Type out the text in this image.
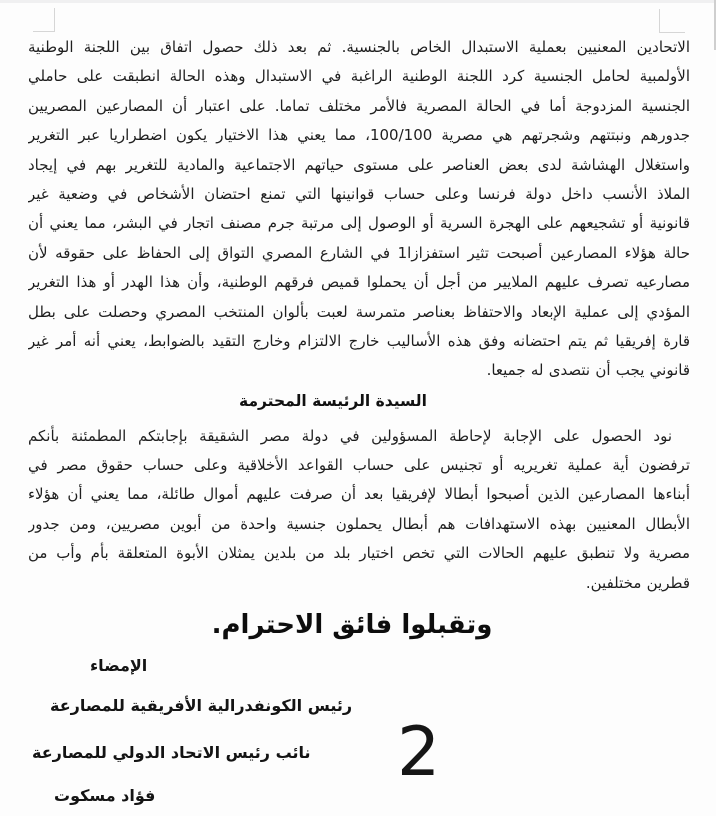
الاتحادين المعنيين بعملية الاستبدال الخاص بالجنسية. ثم بعد ذلك حصول اتفاق بين اللجنة الوطنية
الأولمبية لحامل الجنسية كرد اللجنة الوطنية الراغبة في الاستبدال وهذه الحالة انطبقت على حاملي
الجنسية المزدوجة أما في الحالة المصرية فالأمر مختلف تماما. على اعتبار أن المصارعين المصريين
جدورهم ونبتتهم وشجرتهم هي مصرية 100/100، مما يعني هذا الاختيار يكون اضطراريا عبر التغرير
واستغلال الهشاشة لدى بعض العناصر على مستوى حياتهم الاجتماعية والمادية للتغرير بهم في إيجاد
الملاذ الأنسب داخل دولة فرنسا وعلى حساب قوانينها التي تمنع احتضان الأشخاص في وضعية غير
قانونية أو تشجيعهم على الهجرة السرية أو الوصول إلى مرتبة جرم مصنف اتجار في البشر، مما يعني أن
حالة هؤلاء المصارعين أصبحت تثير استفزازا1 في الشارع المصري التواق إلى الحفاظ على حقوقه لأن
مصارعيه تصرف عليهم الملايير من أجل أن يحملوا قميص فرقهم الوطنية، وأن هذا الهدر أو هذا التغرير
المؤدي إلى عملية الإبعاد والاحتفاظ بعناصر متمرسة لعبت بألوان المنتخب المصري وحصلت على بطل
قارة إفريقيا ثم يتم احتضانه وفق هذه الأساليب خارج الالتزام وخارج التقيد بالضوابط، يعني أنه أمر غير
قانوني يجب أن نتصدى له جميعا.
السيدة الرئيسة المحترمة
نود الحصول على الإجابة لإحاطة المسؤولين في دولة مصر الشقيقة بإجابتكم المطمئنة بأنكم
ترفضون أية عملية تغريريه أو تجنيس على حساب القواعد الأخلاقية وعلى حساب حقوق مصر في
أبناءها المصارعين الذين أصبحوا أبطالا لإفريقيا بعد أن صرفت عليهم أموال طائلة، مما يعني أن هؤلاء
الأبطال المعنيين بهذه الاستهدافات هم أبطال يحملون جنسية واحدة من أبوين مصريين، ومن جدور
مصرية ولا تنطبق عليهم الحالات التي تخص اختيار بلد من بلدين يمثلان الأبوة المتعلقة بأم وأب من
قطرين مختلفين.
وتقبلوا فائق الاحترام.
الإمضاء
رئيس الكونفدرالية الأفريقية للمصارعة
نائب رئيس الاتحاد الدولي للمصارعة
فؤاد مسكوت
2
